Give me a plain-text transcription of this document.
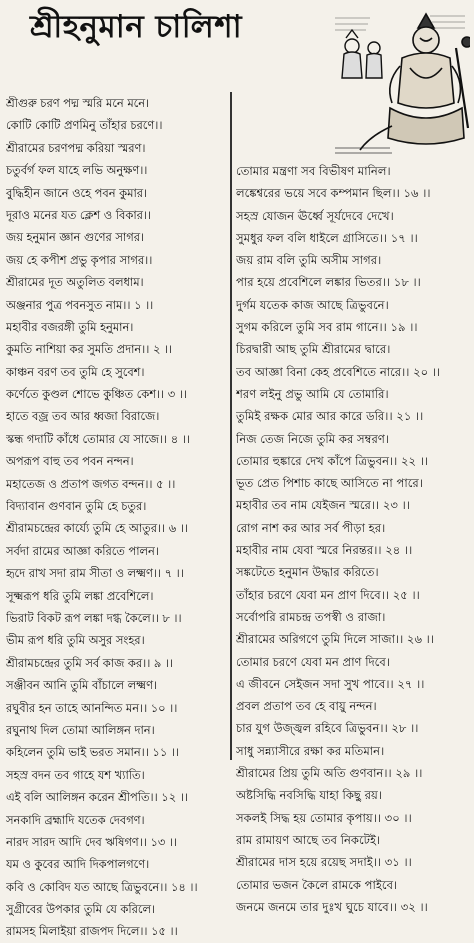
শ্রীহনুমান চালিশা
শ্রীগুরু চরণ পদ্ম স্মরি মনে মনে।
কোটি কোটি প্রণমিনু তাঁহার চরণে।।
শ্রীরামের চরণপদ্ম করিয়া স্মরণ।
চতুর্বর্গ ফল যাহে লভি অনুক্ষণ।।
বুদ্ধিহীন জানে ওহে পবন কুমার।
দূরাও মনের যত ক্লেশ ও বিকার।।
জয় হনুমান জ্ঞান গুণের সাগর।
জয় হে কপীশ প্রভু কৃপার সাগর।।
শ্রীরামের দূত অতুলিত বলধাম।
অঞ্জনার পুত্র পবনসুত নাম।। ১ ।।
মহাবীর বজরঙ্গী তুমি হনুমান।
কুমতি নাশিয়া কর সুমতি প্রদান।। ২ ।।
কাঞ্চন বরণ তব তুমি হে সুবেশ।
কর্ণেতে কুণ্ডল শোভে কুঞ্চিত কেশ।। ৩ ।।
হাতে বজ্র তব আর ধ্বজা বিরাজে।
স্কন্ধ গদাটি কাঁধে তোমার যে সাজে।। ৪ ।।
অপরূপ বাহু তব পবন নন্দন।
মহাতেজ ও প্রতাপ জগত বন্দন।। ৫ ।।
বিদ্যাবান গুণবান তুমি হে চতুর।
শ্রীরামচন্দ্রের কার্য্যে তুমি হে আতুর।। ৬ ।।
সর্বদা রামের আজ্ঞা করিতে পালন।
হৃদে রাখ সদা রাম সীতা ও লক্ষ্মণ।। ৭ ।।
সূক্ষ্মরূপ ধরি তুমি লঙ্কা প্রবেশিলে।
ভিরাট বিকট রূপ লঙ্কা দগ্ধ কৈলে।। ৮ ।।
ভীম রূপ ধরি তুমি অসুর সংহর।
শ্রীরামচন্দ্রের তুমি সর্ব কাজ কর।। ৯ ।।
সঞ্জীবন আনি তুমি বাঁচালে লক্ষ্মণ।
রঘুবীর হন তাহে আনন্দিত মন।। ১০ ।।
রঘুনাথ দিল তোমা আলিঙ্গন দান।
কহিলেন তুমি ভাই ভরত সমান।। ১১ ।।
সহস্র বদন তব গাহে যশ খ্যাতি।
এই বলি আলিঙ্গন করেন শ্রীপতি।। ১২ ।।
সনকাদি ব্রহ্মাদি যতেক দেবগণ।
নারদ সারদ আদি দেব ঋষিগণ।। ১৩ ।।
যম ও কুবের আদি দিকপালগণে।
কবি ও কোবিদ যত আছে ত্রিভুবনে।। ১৪ ।।
সুগ্রীবের উপকার তুমি যে করিলে।
রামসহ মিলাইয়া রাজপদ দিলে।। ১৫ ।।
তোমার মন্ত্রণা সব বিভীষণ মানিল।
লঙ্কেশ্বরের ভয়ে সবে কম্পমান ছিল।। ১৬ ।।
সহস্র যোজন ঊর্ধ্বে সূর্যদেবে দেখে।
সুমধুর ফল বলি ধাইলে গ্রাসিতে।। ১৭ ।।
জয় রাম বলি তুমি অসীম সাগর।
পার হয়ে প্রবেশিলে লঙ্কার ভিতর।। ১৮ ।।
দুর্গম যতেক কাজ আছে ত্রিভুবনে।
সুগম করিলে তুমি সব রাম গানে।। ১৯ ।।
চিরদ্বারী আছ তুমি শ্রীরামের দ্বারে।
তব আজ্ঞা বিনা কেহ প্রবেশিতে নারে।। ২০ ।।
শরণ লইনু প্রভু আমি যে তোমারি।
তুমিই রক্ষক মোর আর কারে ডরি।। ২১ ।।
নিজ তেজ নিজে তুমি কর সম্বরণ।
তোমার হুঙ্কারে দেখ কাঁপে ত্রিভুবন।। ২২ ।।
ভূত প্রেত পিশাচ কাছে আসিতে না পারে।
মহাবীর তব নাম যেইজন স্মরে।। ২৩ ।।
রোগ নাশ কর আর সর্ব পীড়া হর।
মহাবীর নাম যেবা স্মরে নিরন্তর।। ২৪ ।।
সঙ্কটেতে হনুমান উদ্ধার করিতে।
তাঁহার চরণে যেবা মন প্রাণ দিবে।। ২৫ ।।
সর্বোপরি রামচন্দ্র তপস্বী ও রাজা।
শ্রীরামের অরিগণে তুমি দিলে সাজা।। ২৬ ।।
তোমার চরণে যেবা মন প্রাণ দিবে।
এ জীবনে সেইজন সদা সুখ পাবে।। ২৭ ।।
প্রবল প্রতাপ তব হে বায়ু নন্দন।
চার যুগ উজ্জ্বল রহিবে ত্রিভুবন।। ২৮ ।।
সাধু সন্ন্যাসীরে রক্ষা কর মতিমান।
শ্রীরামের প্রিয় তুমি অতি গুণবান।। ২৯ ।।
অষ্টসিদ্ধি নবসিদ্ধি যাহা কিছু রয়।
সকলই সিদ্ধ হয় তোমার কৃপায়।। ৩০ ।।
রাম রামায়ণ আছে তব নিকটেই।
শ্রীরামের দাস হয়ে রয়েছ সদাই।। ৩১ ।।
তোমার ভজন কৈলে রামকে পাইবে।
জনমে জনমে তার দুঃখ ঘুচে যাবে।। ৩২ ।।
